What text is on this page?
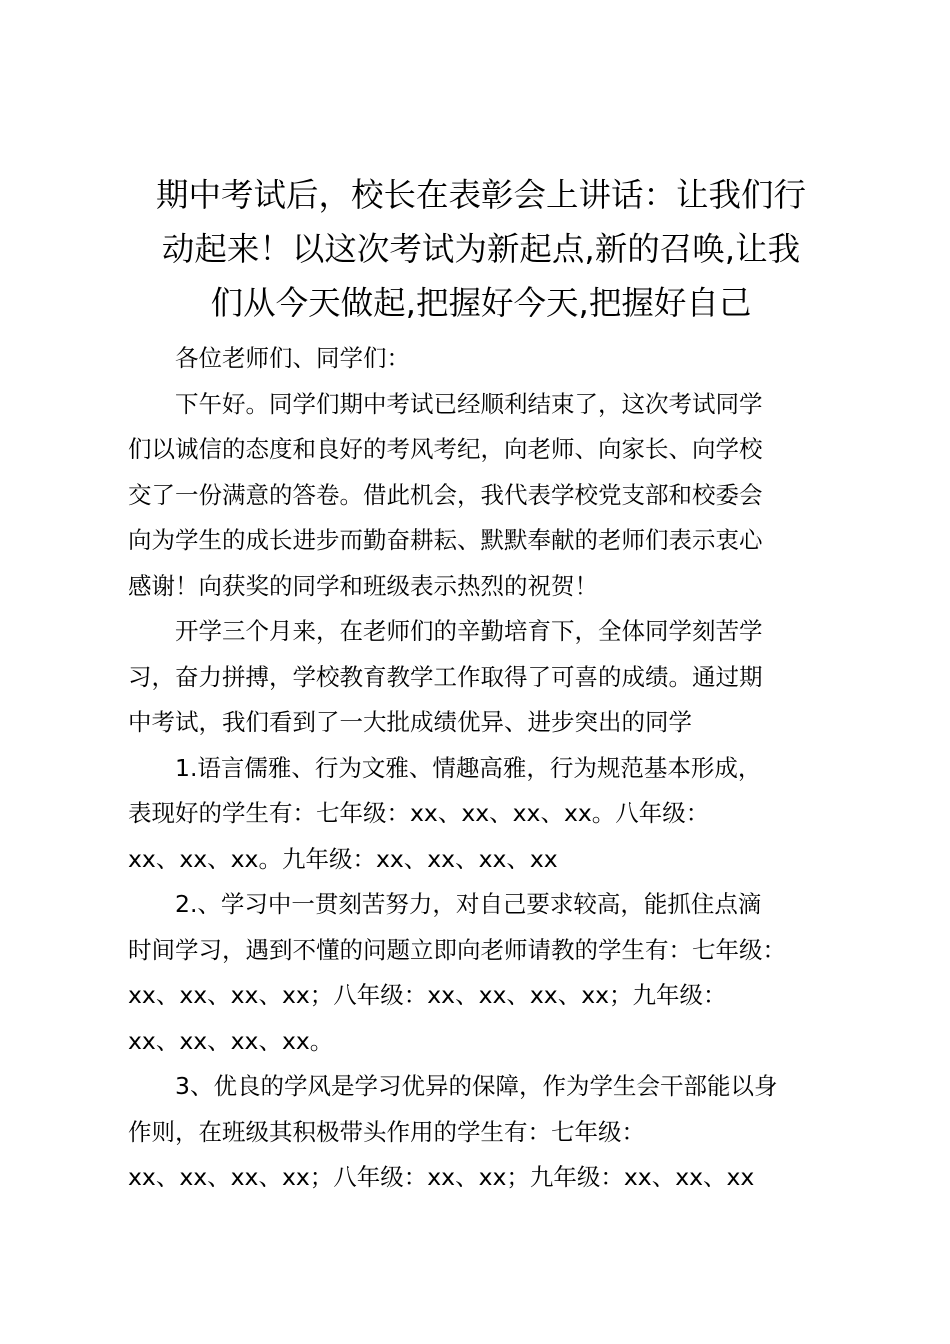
期中考试后，校长在表彰会上讲话：让我们行
动起来！以这次考试为新起点,新的召唤,让我
们从今天做起,把握好今天,把握好自己

各位老师们、同学们：

下午好。同学们期中考试已经顺利结束了，这次考试同学
们以诚信的态度和良好的考风考纪，向老师、向家长、向学校
交了一份满意的答卷。借此机会，我代表学校党支部和校委会
向为学生的成长进步而勤奋耕耘、默默奉献的老师们表示衷心
感谢！向获奖的同学和班级表示热烈的祝贺！

开学三个月来，在老师们的辛勤培育下，全体同学刻苦学
习，奋力拼搏，学校教育教学工作取得了可喜的成绩。通过期
中考试，我们看到了一大批成绩优异、进步突出的同学

1.语言儒雅、行为文雅、情趣高雅，行为规范基本形成，
表现好的学生有：七年级：xx、xx、xx、xx。八年级：
xx、xx、xx。九年级：xx、xx、xx、xx

2.、学习中一贯刻苦努力，对自己要求较高，能抓住点滴
时间学习，遇到不懂的问题立即向老师请教的学生有：七年级：
xx、xx、xx、xx；八年级：xx、xx、xx、xx；九年级：
xx、xx、xx、xx。

3、优良的学风是学习优异的保障，作为学生会干部能以身
作则，在班级其积极带头作用的学生有：七年级：
xx、xx、xx、xx；八年级：xx、xx；九年级：xx、xx、xx
